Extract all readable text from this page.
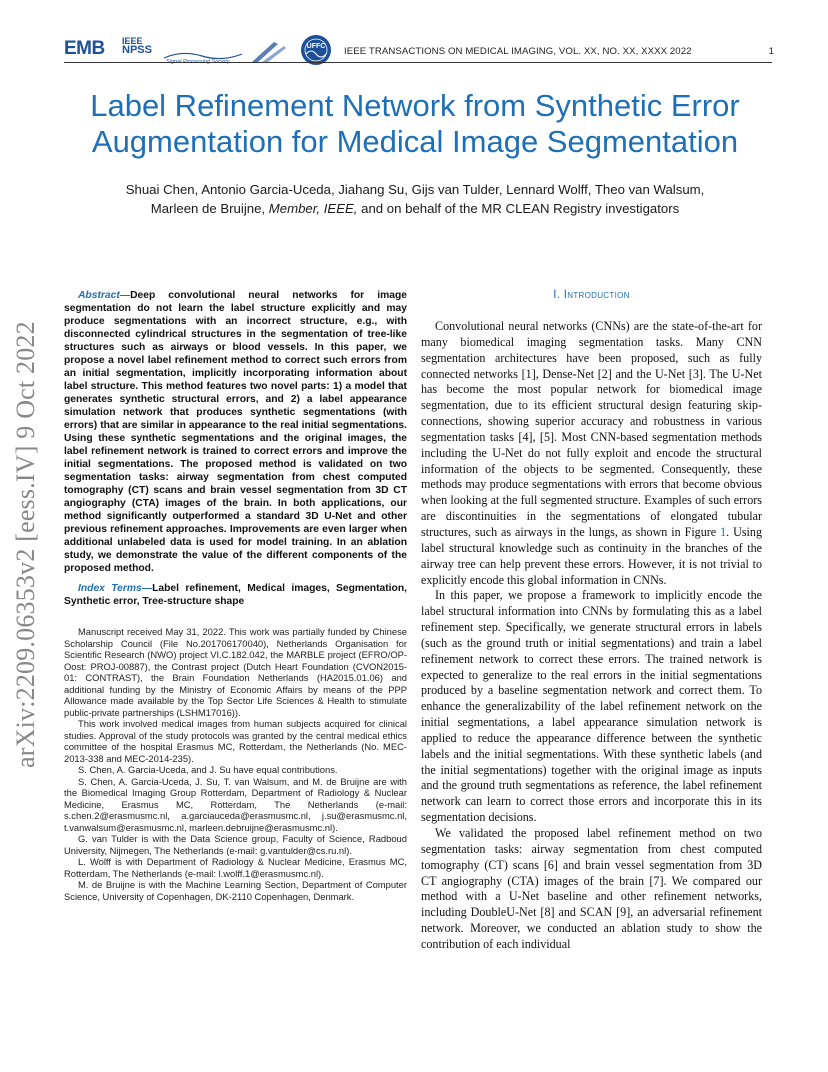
EMB IEEE
NPSS	UFFC IEEE TRANSACTIONS ON MEDICAL IMAGING, VOL. XX, NO. XX, XXXX 2022	1
Label Refinement Network from Synthetic Error
Augmentation for Medical Image Segmentation
Shuai Chen, Antonio Garcia-Uceda, Jiahang Su, Gijs van Tulder, Lennard Wolff, Theo van Walsum,
Marleen de Bruijne, Member, IEEE, and on behalf of the MR CLEAN Registry investigators
arXiv:2209.06353v2 [eess.IV] 9 Oct 2022

Abstract—Deep convolutional neural networks for image segmentation do not learn the label structure explicitly and may produce segmentations with an incorrect structure, e.g., with disconnected cylindrical structures in the segmentation of tree-like structures such as airways or blood vessels. In this paper, we propose a novel label refinement method to correct such errors from an initial segmentation, implicitly incorporating information about label structure. This method features two novel parts: 1) a model that generates synthetic structural errors, and 2) a label appearance simulation network that produces synthetic segmentations (with errors) that are similar in appearance to the real initial segmentations. Using these synthetic segmentations and the original images, the label refinement network is trained to correct errors and improve the initial segmentations. The proposed method is validated on two segmentation tasks: airway segmentation from chest computed tomography (CT) scans and brain vessel segmentation from 3D CT angiography (CTA) images of the brain. In both applications, our method significantly outperformed a standard 3D U-Net and other previous refinement approaches. Improvements are even larger when additional unlabeled data is used for model training. In an ablation study, we demonstrate the value of the different components of the proposed method.

Index Terms—Label refinement, Medical images, Segmentation, Synthetic error, Tree-structure shape

Manuscript received May 31, 2022. This work was partially funded by Chinese Scholarship Council (File No.201706170040), Netherlands Organisation for Scientific Research (NWO) project VI.C.182.042, the MARBLE project (EFRO/OP-Oost: PROJ-00887), the Contrast project (Dutch Heart Foundation (CVON2015-01: CONTRAST), the Brain Foundation Netherlands (HA2015.01.06) and additional funding by the Ministry of Economic Affairs by means of the PPP Allowance made available by the Top Sector Life Sciences & Health to stimulate public-private partnerships (LSHM17016)).

This work involved medical images from human subjects acquired for clinical studies. Approval of the study protocols was granted by the central medical ethics committee of the hospital Erasmus MC, Rotterdam, the Netherlands (No. MEC-2013-338 and MEC-2014-235).

S. Chen, A. Garcia-Uceda, and J. Su have equal contributions.

S. Chen, A. Garcia-Uceda, J. Su, T. van Walsum, and M. de Bruijne are with the Biomedical Imaging Group Rotterdam, Department of Radiology & Nuclear Medicine, Erasmus MC, Rotterdam, The Netherlands (e-mail: s.chen.2@erasmusmc.nl, a.garciauceda@erasmusmc.nl, j.su@erasmusmc.nl, t.vanwalsum@erasmusmc.nl, marleen.debruijne@erasmusmc.nl).

G. van Tulder is with the Data Science group, Faculty of Science, Radboud University, Nijmegen, The Netherlands (e-mail: g.vantulder@cs.ru.nl).

L. Wolff is with Department of Radiology & Nuclear Medicine, Erasmus MC, Rotterdam, The Netherlands (e-mail: l.wolff.1@erasmusmc.nl).

M. de Bruijne is with the Machine Learning Section, Department of Computer Science, University of Copenhagen, DK-2110 Copenhagen, Denmark.

I. Introduction

Convolutional neural networks (CNNs) are the state-of-the-art for many biomedical imaging segmentation tasks. Many CNN segmentation architectures have been proposed, such as fully connected networks [1], Dense-Net [2] and the U-Net [3]. The U-Net has become the most popular network for biomedical image segmentation, due to its efficient structural design featuring skip-connections, showing superior accuracy and robustness in various segmentation tasks [4], [5]. Most CNN-based segmentation methods including the U-Net do not fully exploit and encode the structural information of the objects to be segmented. Consequently, these methods may produce segmentations with errors that become obvious when looking at the full segmented structure. Examples of such errors are discontinuities in the segmentations of elongated tubular structures, such as airways in the lungs, as shown in Figure 1. Using label structural knowledge such as continuity in the branches of the airway tree can help prevent these errors. However, it is not trivial to explicitly encode this global information in CNNs.

In this paper, we propose a framework to implicitly encode the label structural information into CNNs by formulating this as a label refinement step. Specifically, we generate structural errors in labels (such as the ground truth or initial segmentations) and train a label refinement network to correct these errors. The trained network is expected to generalize to the real errors in the initial segmentations produced by a baseline segmentation network and correct them. To enhance the generalizability of the label refinement network on the initial segmentations, a label appearance simulation network is applied to reduce the appearance difference between the synthetic labels and the initial segmentations. With these synthetic labels (and the initial segmentations) together with the original image as inputs and the ground truth segmentations as reference, the label refinement network can learn to correct those errors and incorporate this in its segmentation decisions.

We validated the proposed label refinement method on two segmentation tasks: airway segmentation from chest computed tomography (CT) scans [6] and brain vessel segmentation from 3D CT angiography (CTA) images of the brain [7]. We compared our method with a U-Net baseline and other refinement networks, including DoubleU-Net [8] and SCAN [9], an adversarial refinement network. Moreover, we conducted an ablation study to show the contribution of each individual
